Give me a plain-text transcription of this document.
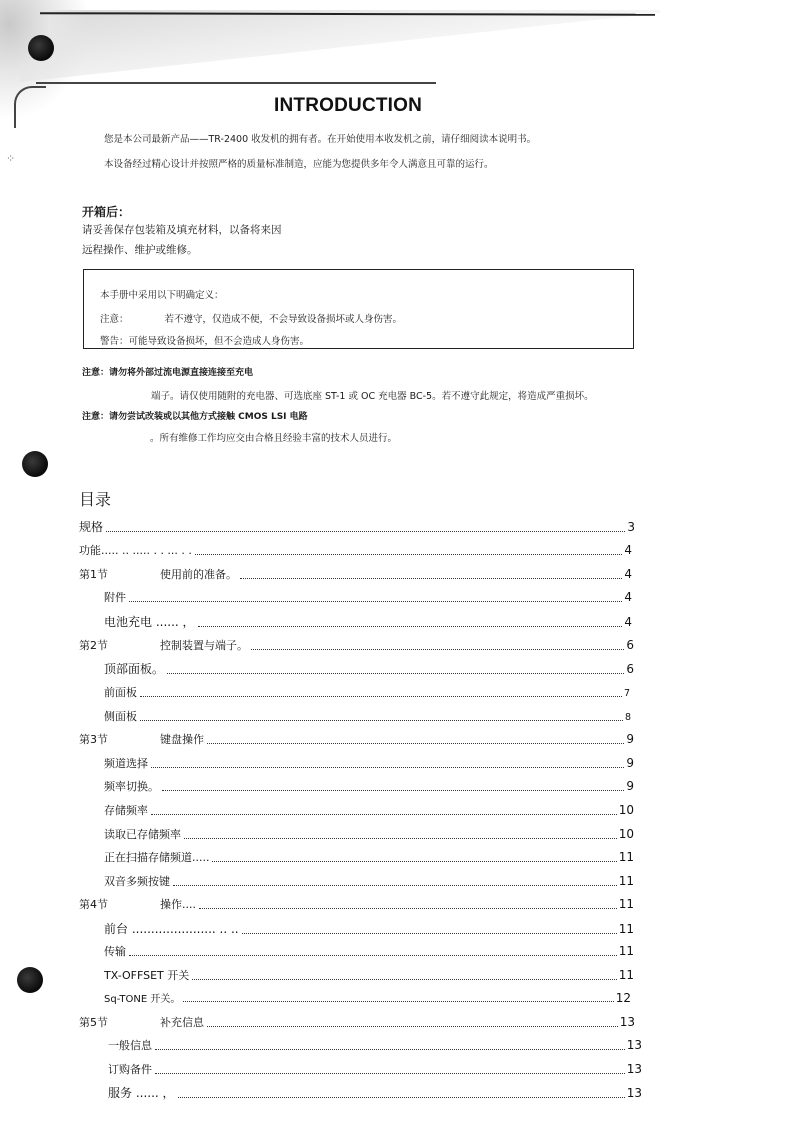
⁘
INTRODUCTION
您是本公司最新产品——TR-2400 收发机的拥有者。在开始使用本收发机之前，请仔细阅读本说明书。
本设备经过精心设计并按照严格的质量标准制造，应能为您提供多年令人满意且可靠的运行。
开箱后：
请妥善保存包装箱及填充材料，以备将来因
远程操作、维护或维修。
本手册中采用以下明确定义：
注意：	若不遵守，仅造成不便，不会导致设备损坏或人身伤害。
警告：可能导致设备损坏，但不会造成人身伤害。
注意：请勿将外部过流电源直接连接至充电
端子。请仅使用随附的充电器、可选底座 ST-1 或 OC 充电器 BC-5。若不遵守此规定，将造成严重损坏。
注意：请勿尝试改装或以其他方式接触 CMOS LSI 电路
。所有维修工作均应交由合格且经验丰富的技术人员进行。
目录
规格	3
功能..... .. ..... . . ... . .	4
第1节	使用前的准备。	4
附件	4
电池充电 ...... ，	4
第2节	控制装置与端子。	6
顶部面板。	6
前面板	7
侧面板	8
第3节	键盘操作	9
频道选择	9
频率切换。	9
存储频率	10
读取已存储频率	10
正在扫描存储频道.....	11
双音多频按键	11
第4节	操作....	11
前台 ...................... .. ..	11
传输	11
TX-OFFSET 开关	11
Sq-TONE 开关。	12
第5节	补充信息	13
一般信息	13
订购备件	13
服务 ...... ，	13
